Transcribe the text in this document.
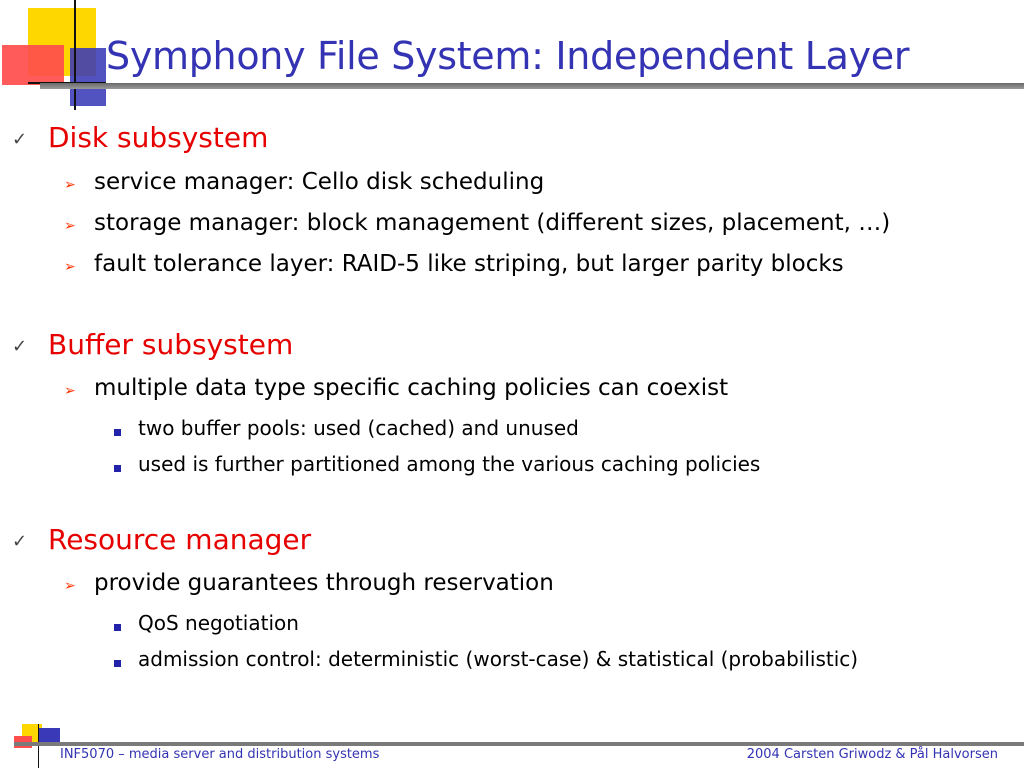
Symphony File System: Independent Layer
✓ Disk subsystem
➢ service manager: Cello disk scheduling
➢ storage manager: block management (different sizes, placement, …)
➢ fault tolerance layer: RAID-5 like striping, but larger parity blocks
✓ Buffer subsystem
➢ multiple data type specific caching policies can coexist
two buffer pools: used (cached) and unused
used is further partitioned among the various caching policies
✓ Resource manager
➢ provide guarantees through reservation
QoS negotiation
admission control: deterministic (worst-case) & statistical (probabilistic)
INF5070 – media server and distribution systems	2004 Carsten Griwodz & Pål Halvorsen
